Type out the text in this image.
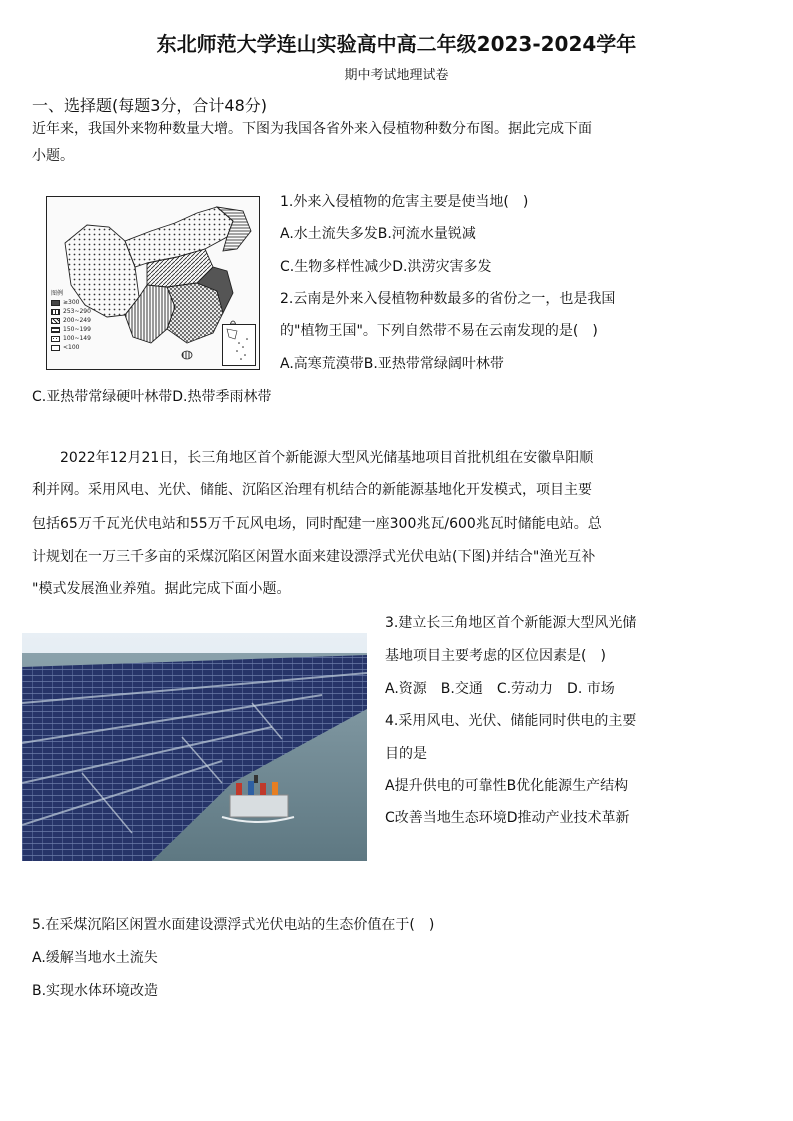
东北师范大学连山实验高中高二年级2023-2024学年
期中考试地理试卷
一、选择题(每题3分，合计48分)
近年来，我国外来物种数量大增。下图为我国各省外来入侵植物种数分布图。据此完成下面
小题。
图例
≥300
253~290
200~249
150~199
100~149
<100
1.外来入侵植物的危害主要是使当地(　)
A.水土流失多发B.河流水量锐减
C.生物多样性减少D.洪涝灾害多发
2.云南是外来入侵植物种数最多的省份之一，也是我国
的"植物王国"。下列自然带不易在云南发现的是(　)
A.高寒荒漠带B.亚热带常绿阔叶林带
C.亚热带常绿硬叶林带D.热带季雨林带
2022年12月21日，长三角地区首个新能源大型风光储基地项目首批机组在安徽阜阳顺
利并网。采用风电、光伏、储能、沉陷区治理有机结合的新能源基地化开发模式，项目主要
包括65万千瓦光伏电站和55万千瓦风电场，同时配建一座300兆瓦/600兆瓦时储能电站。总
计规划在一万三千多亩的采煤沉陷区闲置水面来建设漂浮式光伏电站(下图)并结合"渔光互补
"模式发展渔业养殖。据此完成下面小题。
3.建立长三角地区首个新能源大型风光储
基地项目主要考虑的区位因素是(　)
A.资源　B.交通　C.劳动力　D. 市场
4.采用风电、光伏、储能同时供电的主要
目的是
A提升供电的可靠性B优化能源生产结构
C改善当地生态环境D推动产业技术革新
5.在采煤沉陷区闲置水面建设漂浮式光伏电站的生态价值在于(　)
A.缓解当地水土流失
B.实现水体环境改造
